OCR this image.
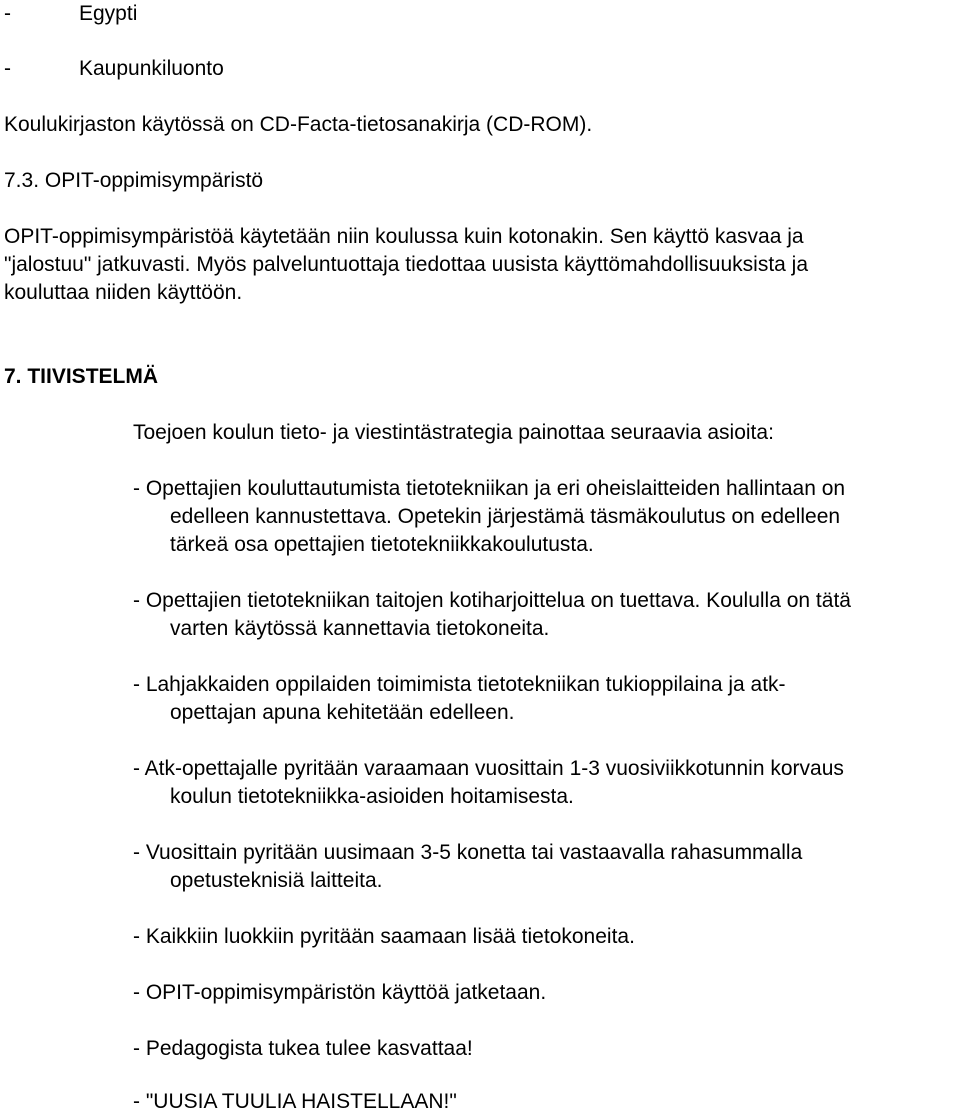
-	Egypti
-	Kaupunkiluonto
Koulukirjaston käytössä on CD-Facta-tietosanakirja (CD-ROM).
7.3. OPIT-oppimisympäristö
OPIT-oppimisympäristöä käytetään niin koulussa kuin kotonakin. Sen käyttö kasvaa ja
"jalostuu" jatkuvasti. Myös palveluntuottaja tiedottaa uusista käyttömahdollisuuksista ja
kouluttaa niiden käyttöön.
7. TIIVISTELMÄ
Toejoen koulun tieto- ja viestintästrategia painottaa seuraavia asioita:
- Opettajien kouluttautumista tietotekniikan ja eri oheislaitteiden hallintaan on
edelleen kannustettava. Opetekin järjestämä täsmäkoulutus on edelleen
tärkeä osa opettajien tietotekniikkakoulutusta.
- Opettajien tietotekniikan taitojen kotiharjoittelua on tuettava. Koululla on tätä
varten käytössä kannettavia tietokoneita.
- Lahjakkaiden oppilaiden toimimista tietotekniikan tukioppilaina ja atk-
opettajan apuna kehitetään edelleen.
- Atk-opettajalle pyritään varaamaan vuosittain 1-3 vuosiviikkotunnin korvaus
koulun tietotekniikka-asioiden hoitamisesta.
- Vuosittain pyritään uusimaan 3-5 konetta tai vastaavalla rahasummalla
opetusteknisiä laitteita.
- Kaikkiin luokkiin pyritään saamaan lisää tietokoneita.
- OPIT-oppimisympäristön käyttöä jatketaan.
- Pedagogista tukea tulee kasvattaa!
- "UUSIA TUULIA HAISTELLAAN!"
